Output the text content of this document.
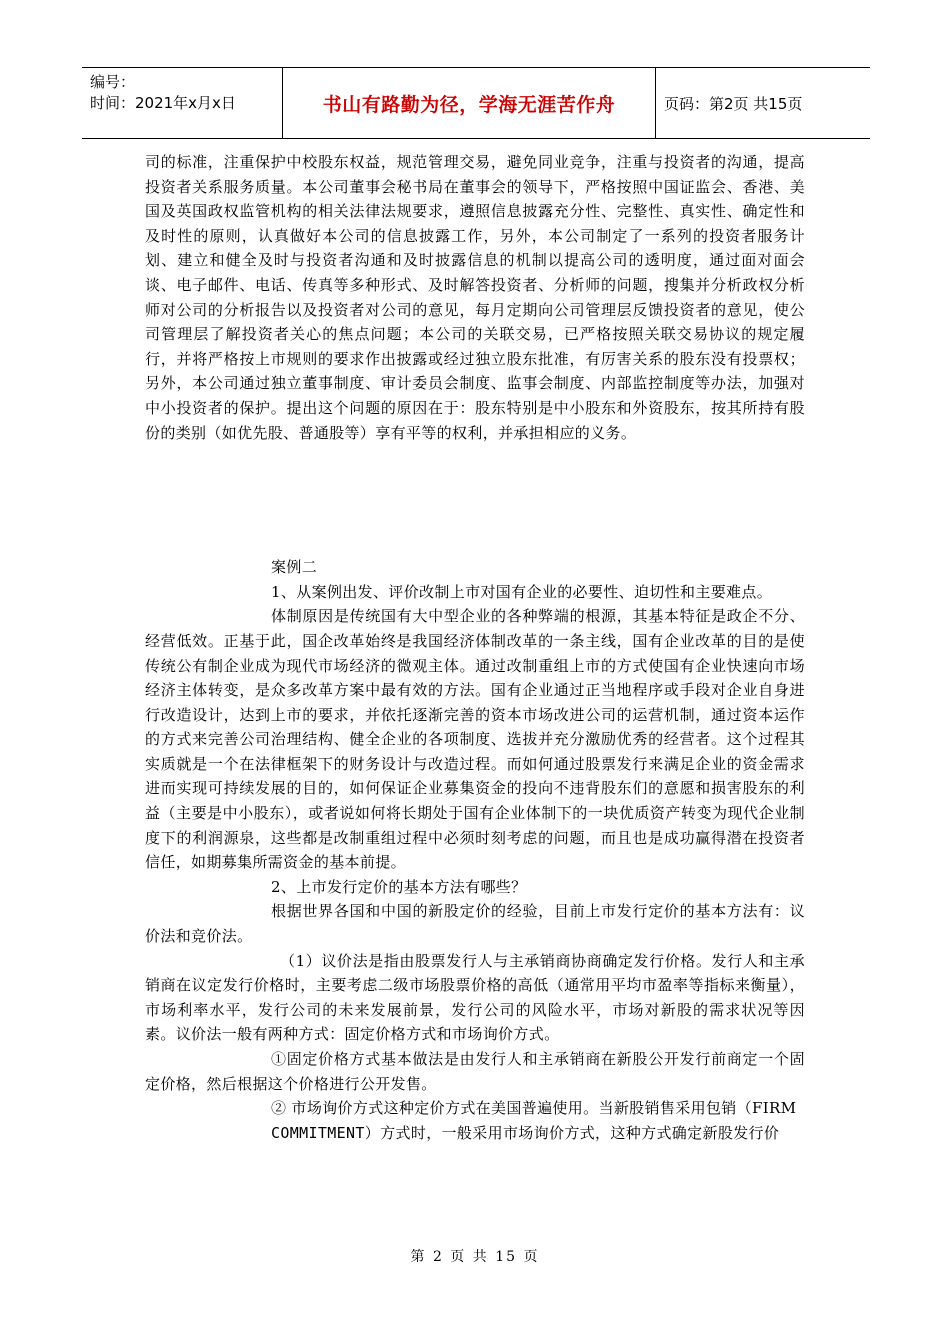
编号：
时间：2021年x月x日	书山有路勤为径，学海无涯苦作舟	页码：第2页 共15页

司的标准，注重保护中校股东权益，规范管理交易，避免同业竞争，注重与投资者的沟通，提高投资者关系服务质量。本公司董事会秘书局在董事会的领导下，严格按照中国证监会、香港、美国及英国政权监管机构的相关法律法规要求，遵照信息披露充分性、完整性、真实性、确定性和及时性的原则，认真做好本公司的信息披露工作，另外，本公司制定了一系列的投资者服务计划、建立和健全及时与投资者沟通和及时披露信息的机制以提高公司的透明度，通过面对面会谈、电子邮件、电话、传真等多种形式、及时解答投资者、分析师的问题，搜集并分析政权分析师对公司的分析报告以及投资者对公司的意见，每月定期向公司管理层反馈投资者的意见，使公司管理层了解投资者关心的焦点问题；本公司的关联交易，已严格按照关联交易协议的规定履行，并将严格按上市规则的要求作出披露或经过独立股东批准，有厉害关系的股东没有投票权；另外，本公司通过独立董事制度、审计委员会制度、监事会制度、内部监控制度等办法，加强对中小投资者的保护。提出这个问题的原因在于：股东特别是中小股东和外资股东，按其所持有股份的类别（如优先股、普通股等）享有平等的权利，并承担相应的义务。

案例二

1、从案例出发、评价改制上市对国有企业的必要性、迫切性和主要难点。

体制原因是传统国有大中型企业的各种弊端的根源，其基本特征是政企不分、经营低效。正基于此，国企改革始终是我国经济体制改革的一条主线，国有企业改革的目的是使传统公有制企业成为现代市场经济的微观主体。通过改制重组上市的方式使国有企业快速向市场经济主体转变，是众多改革方案中最有效的方法。国有企业通过正当地程序或手段对企业自身进行改造设计，达到上市的要求，并依托逐渐完善的资本市场改进公司的运营机制，通过资本运作的方式来完善公司治理结构、健全企业的各项制度、选拔并充分激励优秀的经营者。这个过程其实质就是一个在法律框架下的财务设计与改造过程。而如何通过股票发行来满足企业的资金需求进而实现可持续发展的目的，如何保证企业募集资金的投向不违背股东们的意愿和损害股东的利益（主要是中小股东），或者说如何将长期处于国有企业体制下的一块优质资产转变为现代企业制度下的利润源泉，这些都是改制重组过程中必须时刻考虑的问题，而且也是成功赢得潜在投资者信任，如期募集所需资金的基本前提。

2、上市发行定价的基本方法有哪些？

根据世界各国和中国的新股定价的经验，目前上市发行定价的基本方法有：议价法和竞价法。

（1）议价法是指由股票发行人与主承销商协商确定发行价格。发行人和主承销商在议定发行价格时，主要考虑二级市场股票价格的高低（通常用平均市盈率等指标来衡量），市场利率水平，发行公司的未来发展前景，发行公司的风险水平，市场对新股的需求状况等因素。议价法一般有两种方式：固定价格方式和市场询价方式。

①固定价格方式基本做法是由发行人和主承销商在新股公开发行前商定一个固定价格，然后根据这个价格进行公开发售。

② 市场询价方式这种定价方式在美国普遍使用。当新股销售采用包销（FIRM

COMMITMENT）方式时，一般采用市场询价方式，这种方式确定新股发行价

第 2 页 共 15 页
